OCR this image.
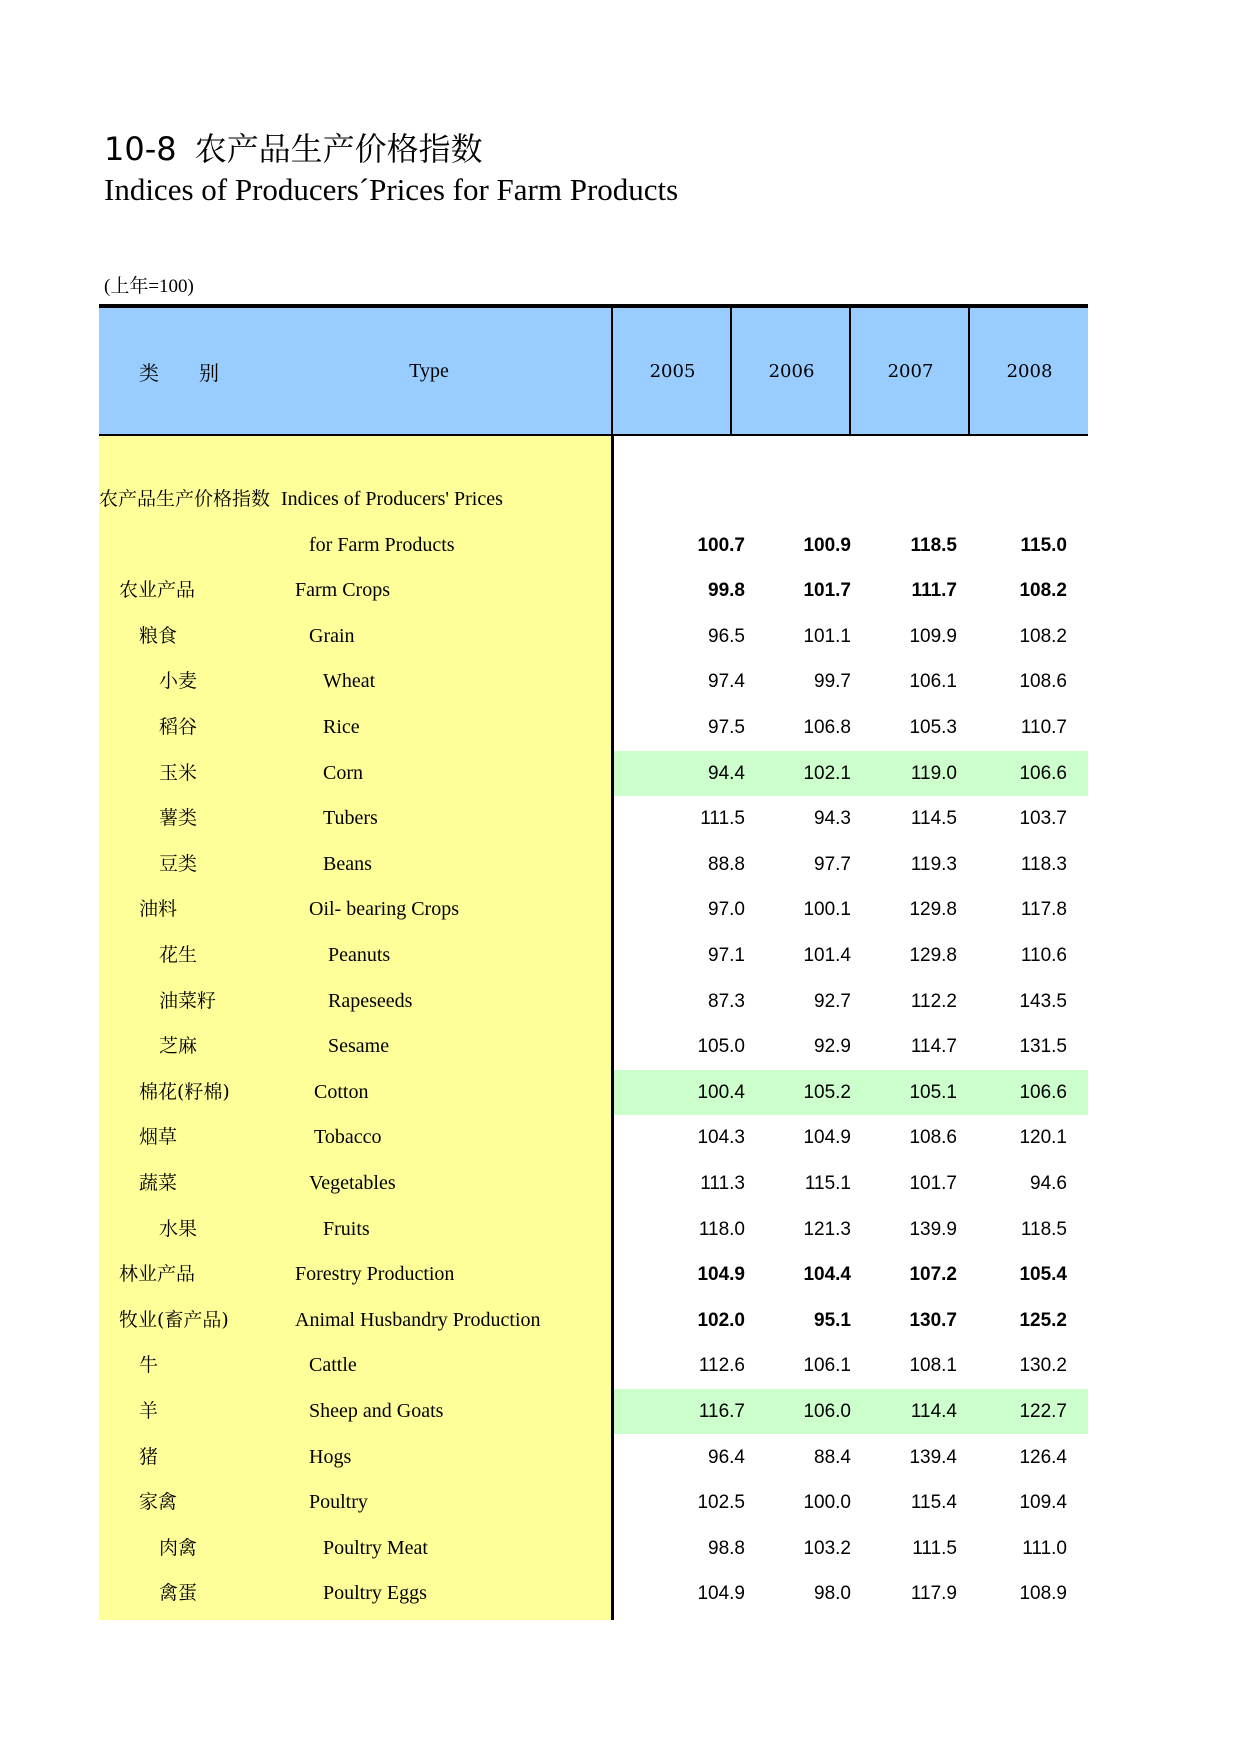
10-8 农产品生产价格指数
Indices of Producers´Prices for Farm Products
(上年=100)
类　　别	Type	2005	2006	2007	2008
农产品生产价格指数 Indices of Producers' Prices
for Farm Products	100.7	100.9	118.5	115.0
农业产品	Farm Crops	99.8	101.7	111.7	108.2
粮食	Grain	96.5	101.1	109.9	108.2
小麦	Wheat	97.4	99.7	106.1	108.6
稻谷	Rice	97.5	106.8	105.3	110.7
玉米	Corn	94.4	102.1	119.0	106.6
薯类	Tubers	111.5	94.3	114.5	103.7
豆类	Beans	88.8	97.7	119.3	118.3
油料	Oil- bearing Crops	97.0	100.1	129.8	117.8
花生	Peanuts	97.1	101.4	129.8	110.6
油菜籽	Rapeseeds	87.3	92.7	112.2	143.5
芝麻	Sesame	105.0	92.9	114.7	131.5
棉花(籽棉)	Cotton	100.4	105.2	105.1	106.6
烟草	Tobacco	104.3	104.9	108.6	120.1
蔬菜	Vegetables	111.3	115.1	101.7	94.6
水果	Fruits	118.0	121.3	139.9	118.5
林业产品	Forestry Production	104.9	104.4	107.2	105.4
牧业(畜产品)	Animal Husbandry Production	102.0	95.1	130.7	125.2
牛	Cattle	112.6	106.1	108.1	130.2
羊	Sheep and Goats	116.7	106.0	114.4	122.7
猪	Hogs	96.4	88.4	139.4	126.4
家禽	Poultry	102.5	100.0	115.4	109.4
肉禽	Poultry Meat	98.8	103.2	111.5	111.0
禽蛋	Poultry Eggs	104.9	98.0	117.9	108.9
